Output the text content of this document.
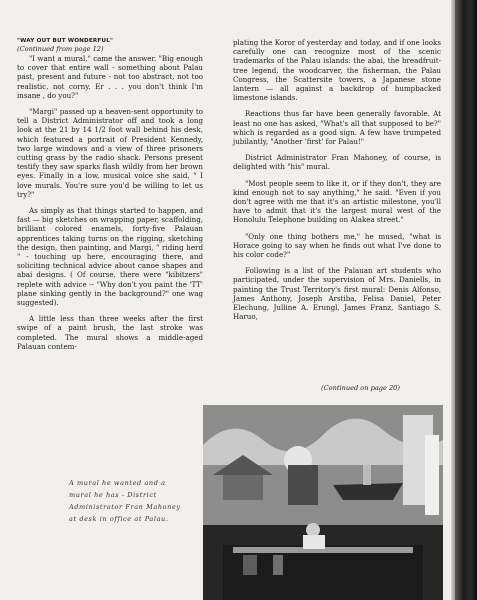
"WAY OUT BUT WONDERFUL"
(Continued from page 12)

"I want a mural," came the answer. "Big enough to cover that entire wall - something about Palau past, present and future - not too abstract, not too realistic, not corny. Er . . . you don't think I'm insane , do you?"

"Margi" passed up a heaven-sent opportunity to tell a District Administrator off and took a long look at the 21 by 14 1/2 foot wall behind his desk, which featured a portrait of President Kennedy, two large windows and a view of three prisoners cutting grass by the radio shack. Persons present testify they saw sparks flash wildly from her brown eyes. Finally in a low, musical voice she said, " I love murals. You're sure you'd be willing to let us try?"

As simply as that things started to happen, and fast — big sketches on wrapping paper, scaffolding, brilliant colored enamels, forty-five Palauan apprentices taking turns on the rigging, sketching the design, then painting, and Margi, " riding herd " - touching up here, encouraging there, and soliciting technical advice about canoe shapes and abai designs. ( Of course, there were "kibitzers" replete with advice -- "Why don't you paint the 'TT' plane sinking gently in the background?" one wag suggested).

A little less than three weeks after the first swipe of a paint brush, the last stroke was completed. The mural shows a middle-aged Palauan contem-

plating the Koror of yesterday and today, and if one looks carefully one can recognize most of the scenic trademarks of the Palau islands: the abai, the breadfruit-tree legend, the woodcarver, the fisherman, the Palau Congress, the Scattersite towers, a Japanese stone lantern — all against a backdrop of humpbacked limestone islands.

Reactions thus far have been generally favorable. At least no one has asked, "What's all that supposed to be?" which is regarded as a good sign. A few have trumpeted jubilantly, "Another 'first' for Palau!"

District Administrator Fran Mahoney, of course, is delighted with "his" mural.

"Most people seem to like it, or if they don't, they are kind enough not to say anything," he said. "Even if you don't agree with me that it's an artistic milestone, you'll have to admit that it's the largest mural west of the Honolulu Telephone building on Alakea street."

"Only one thing bothers me," he mused, "what is Horace going to say when he finds out what I've done to his color code?"

Following is a list of the Palauan art students who participated, under the supervision of Mrs. Daniells, in painting the Trust Territory's first mural: Denis Alfonso, James Anthony, Joseph Arstiba, Felisa Daniel, Peter Elechung, Julline A. Erungl, James Franz, Santiago S. Haruo,

(Continued on page 20)
A mural he wanted and a mural he has - District Administrator Fran Mahoney at desk in office at Palau.
